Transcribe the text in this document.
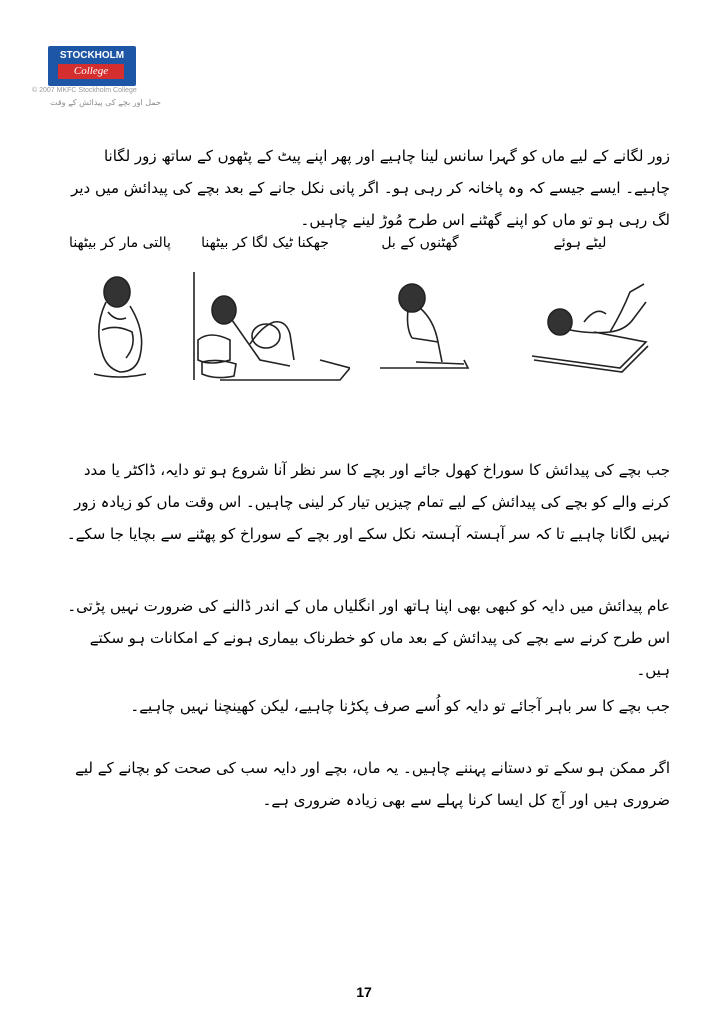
STOCKHOLM
College
© 2007 MKFC Stockholm College
حمل اور بچے کی پیدائش کے وقت
زور لگانے کے لیے ماں کو گہرا سانس لینا چاہیے اور پھر اپنے پیٹ کے پٹھوں کے ساتھ زور لگانا چاہیے۔ ایسے جیسے کہ وہ پاخانہ کر رہی ہو۔ اگر پانی نکل جانے کے بعد بچے کی پیدائش میں دیر لگ رہی ہو تو ماں کو اپنے گھٹنے اس طرح مُوڑ لینے چاہیں۔
لیٹے ہوئے
گھٹنوں کے بل
جھکنا ٹیک لگا کر بیٹھنا
پالتی مار کر بیٹھنا
جب بچے کی پیدائش کا سوراخ کھول جائے اور بچے کا سر نظر آنا شروع ہو تو دایہ، ڈاکٹر یا مدد کرنے والے کو بچے کی پیدائش کے لیے تمام چیزیں تیار کر لینی چاہیں۔ اس وقت ماں کو زیادہ زور نہیں لگانا چاہیے تا کہ سر آہستہ آہستہ نکل سکے اور بچے کے سوراخ کو پھٹنے سے بچایا جا سکے۔
عام پیدائش میں دایہ کو کبھی بھی اپنا ہاتھ اور انگلیاں ماں کے اندر ڈالنے کی ضرورت نہیں پڑتی۔ اس طرح کرنے سے بچے کی پیدائش کے بعد ماں کو خطرناک بیماری ہونے کے امکانات ہو سکتے ہیں۔
جب بچے کا سر باہر آجائے تو دایہ کو اُسے صرف پکڑنا چاہیے، لیکن کھینچنا نہیں چاہیے۔
اگر ممکن ہو سکے تو دستانے پہننے چاہیں۔ یہ ماں، بچے اور دایہ سب کی صحت کو بچانے کے لیے ضروری ہیں اور آج کل ایسا کرنا پہلے سے بھی زیادہ ضروری ہے۔
17
